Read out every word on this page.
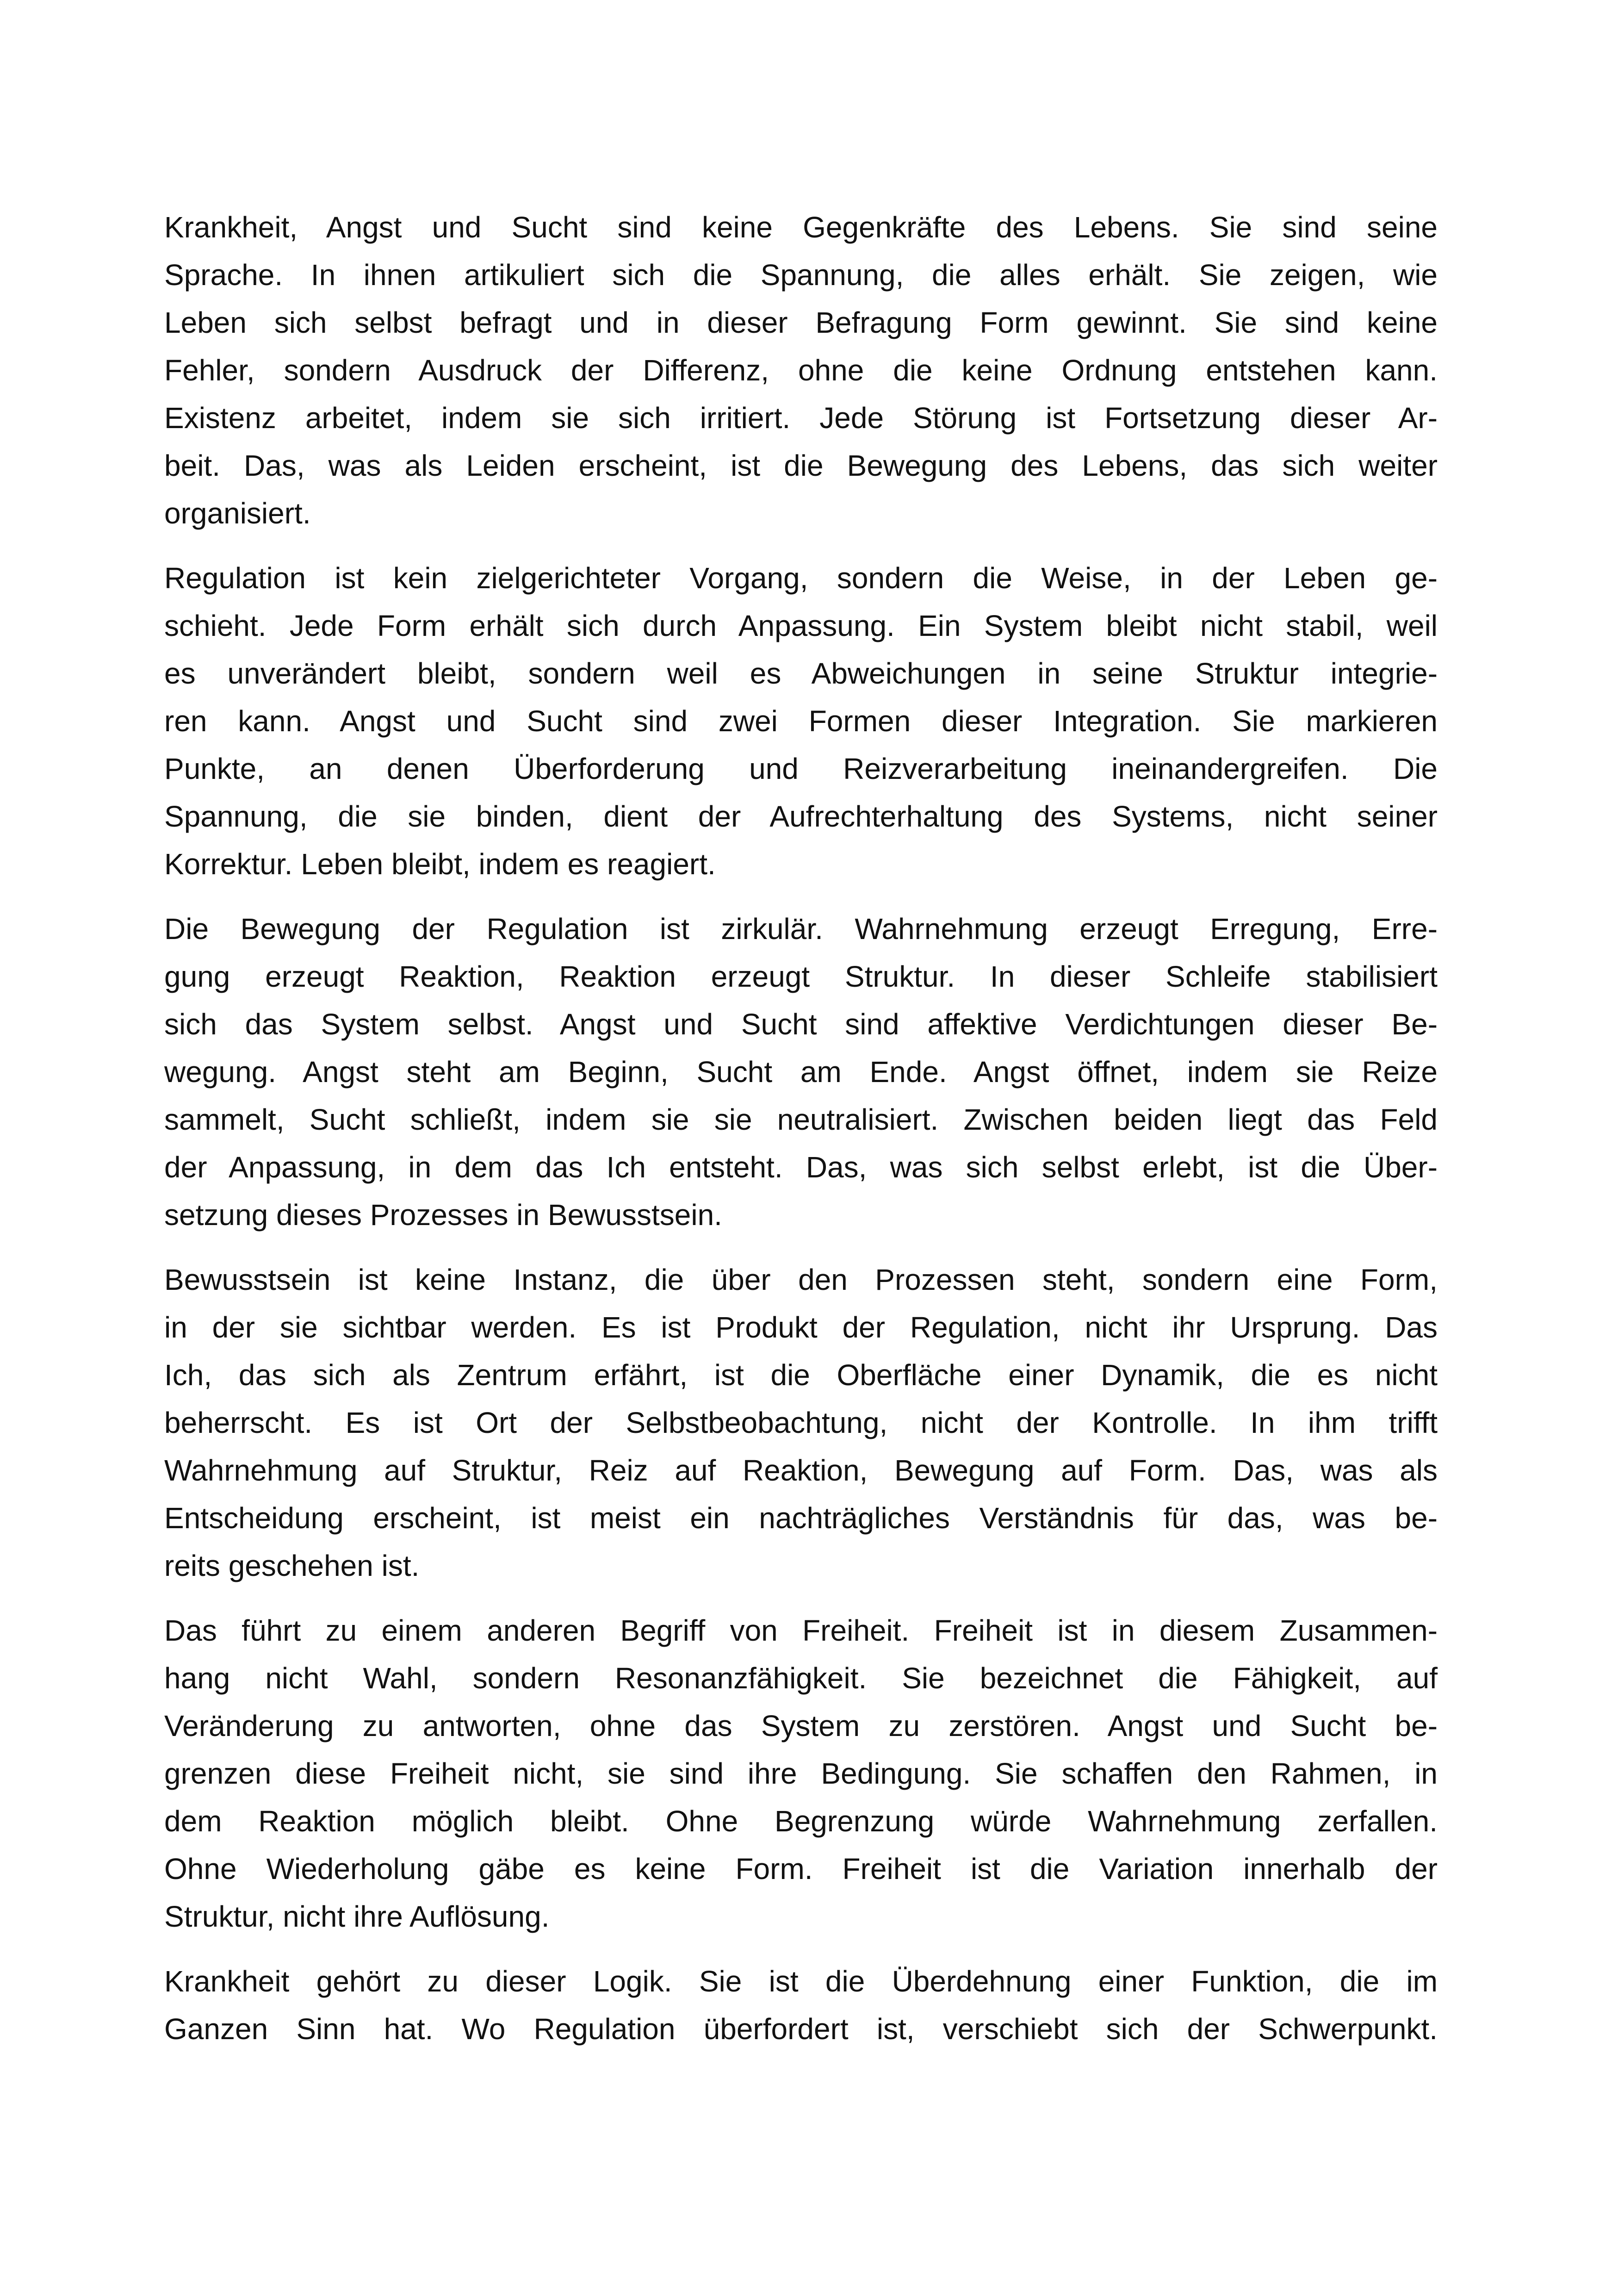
Krankheit, Angst und Sucht sind keine Gegenkräfte des Lebens. Sie sind seine
Sprache. In ihnen artikuliert sich die Spannung, die alles erhält. Sie zeigen, wie
Leben sich selbst befragt und in dieser Befragung Form gewinnt. Sie sind keine
Fehler, sondern Ausdruck der Differenz, ohne die keine Ordnung entstehen kann.
Existenz arbeitet, indem sie sich irritiert. Jede Störung ist Fortsetzung dieser Ar-
beit. Das, was als Leiden erscheint, ist die Bewegung des Lebens, das sich weiter
organisiert.
Regulation ist kein zielgerichteter Vorgang, sondern die Weise, in der Leben ge-
schieht. Jede Form erhält sich durch Anpassung. Ein System bleibt nicht stabil, weil
es unverändert bleibt, sondern weil es Abweichungen in seine Struktur integrie-
ren kann. Angst und Sucht sind zwei Formen dieser Integration. Sie markieren
Punkte, an denen Überforderung und Reizverarbeitung ineinandergreifen. Die
Spannung, die sie binden, dient der Aufrechterhaltung des Systems, nicht seiner
Korrektur. Leben bleibt, indem es reagiert.
Die Bewegung der Regulation ist zirkulär. Wahrnehmung erzeugt Erregung, Erre-
gung erzeugt Reaktion, Reaktion erzeugt Struktur. In dieser Schleife stabilisiert
sich das System selbst. Angst und Sucht sind affektive Verdichtungen dieser Be-
wegung. Angst steht am Beginn, Sucht am Ende. Angst öffnet, indem sie Reize
sammelt, Sucht schließt, indem sie sie neutralisiert. Zwischen beiden liegt das Feld
der Anpassung, in dem das Ich entsteht. Das, was sich selbst erlebt, ist die Über-
setzung dieses Prozesses in Bewusstsein.
Bewusstsein ist keine Instanz, die über den Prozessen steht, sondern eine Form,
in der sie sichtbar werden. Es ist Produkt der Regulation, nicht ihr Ursprung. Das
Ich, das sich als Zentrum erfährt, ist die Oberfläche einer Dynamik, die es nicht
beherrscht. Es ist Ort der Selbstbeobachtung, nicht der Kontrolle. In ihm trifft
Wahrnehmung auf Struktur, Reiz auf Reaktion, Bewegung auf Form. Das, was als
Entscheidung erscheint, ist meist ein nachträgliches Verständnis für das, was be-
reits geschehen ist.
Das führt zu einem anderen Begriff von Freiheit. Freiheit ist in diesem Zusammen-
hang nicht Wahl, sondern Resonanzfähigkeit. Sie bezeichnet die Fähigkeit, auf
Veränderung zu antworten, ohne das System zu zerstören. Angst und Sucht be-
grenzen diese Freiheit nicht, sie sind ihre Bedingung. Sie schaffen den Rahmen, in
dem Reaktion möglich bleibt. Ohne Begrenzung würde Wahrnehmung zerfallen.
Ohne Wiederholung gäbe es keine Form. Freiheit ist die Variation innerhalb der
Struktur, nicht ihre Auflösung.
Krankheit gehört zu dieser Logik. Sie ist die Überdehnung einer Funktion, die im
Ganzen Sinn hat. Wo Regulation überfordert ist, verschiebt sich der Schwerpunkt.
